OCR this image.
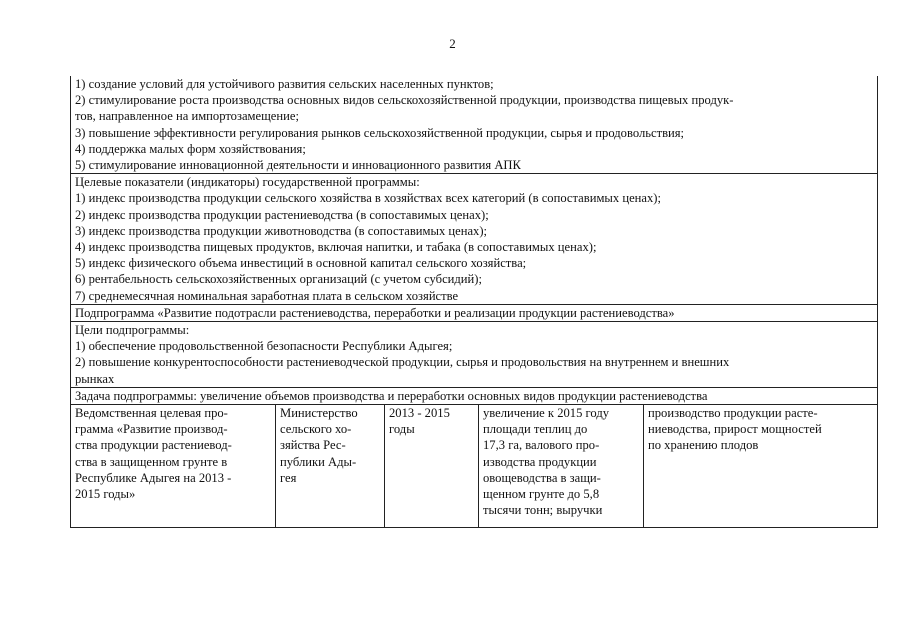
2
1) создание условий для устойчивого развития сельских населенных пунктов;
2) стимулирование роста производства основных видов сельскохозяйственной продукции, производства пищевых продук-
тов, направленное на импортозамещение;
3) повышение эффективности регулирования рынков сельскохозяйственной продукции, сырья и продовольствия;
4) поддержка малых форм хозяйствования;
5) стимулирование инновационной деятельности и инновационного развития АПК
Целевые показатели (индикаторы) государственной программы:
1) индекс производства продукции сельского хозяйства в хозяйствах всех категорий (в сопоставимых ценах);
2) индекс производства продукции растениеводства (в сопоставимых ценах);
3) индекс производства продукции животноводства (в сопоставимых ценах);
4) индекс производства пищевых продуктов, включая напитки, и табака (в сопоставимых ценах);
5) индекс физического объема инвестиций в основной капитал сельского хозяйства;
6) рентабельность сельскохозяйственных организаций (с учетом субсидий);
7) среднемесячная номинальная заработная плата в сельском хозяйстве
Подпрограмма «Развитие подотрасли растениеводства, переработки и реализации продукции растениеводства»
Цели подпрограммы:
1) обеспечение продовольственной безопасности Республики Адыгея;
2) повышение конкурентоспособности растениеводческой продукции, сырья и продовольствия на внутреннем и внешних
рынках
Задача подпрограммы: увеличение объемов производства и переработки основных видов продукции растениеводства
Ведомственная целевая про-
грамма «Развитие производ-
ства продукции растениевод-
ства в защищенном грунте в
Республике Адыгея на 2013 -
2015 годы»
Министерство
сельского хо-
зяйства Рес-
публики Ады-
гея
2013 - 2015
годы
увеличение к 2015 году
площади теплиц до
17,3 га, валового про-
изводства продукции
овощеводства в защи-
щенном грунте до 5,8
тысячи тонн; выручки
производство продукции расте-
ниеводства, прирост мощностей
по хранению плодов
